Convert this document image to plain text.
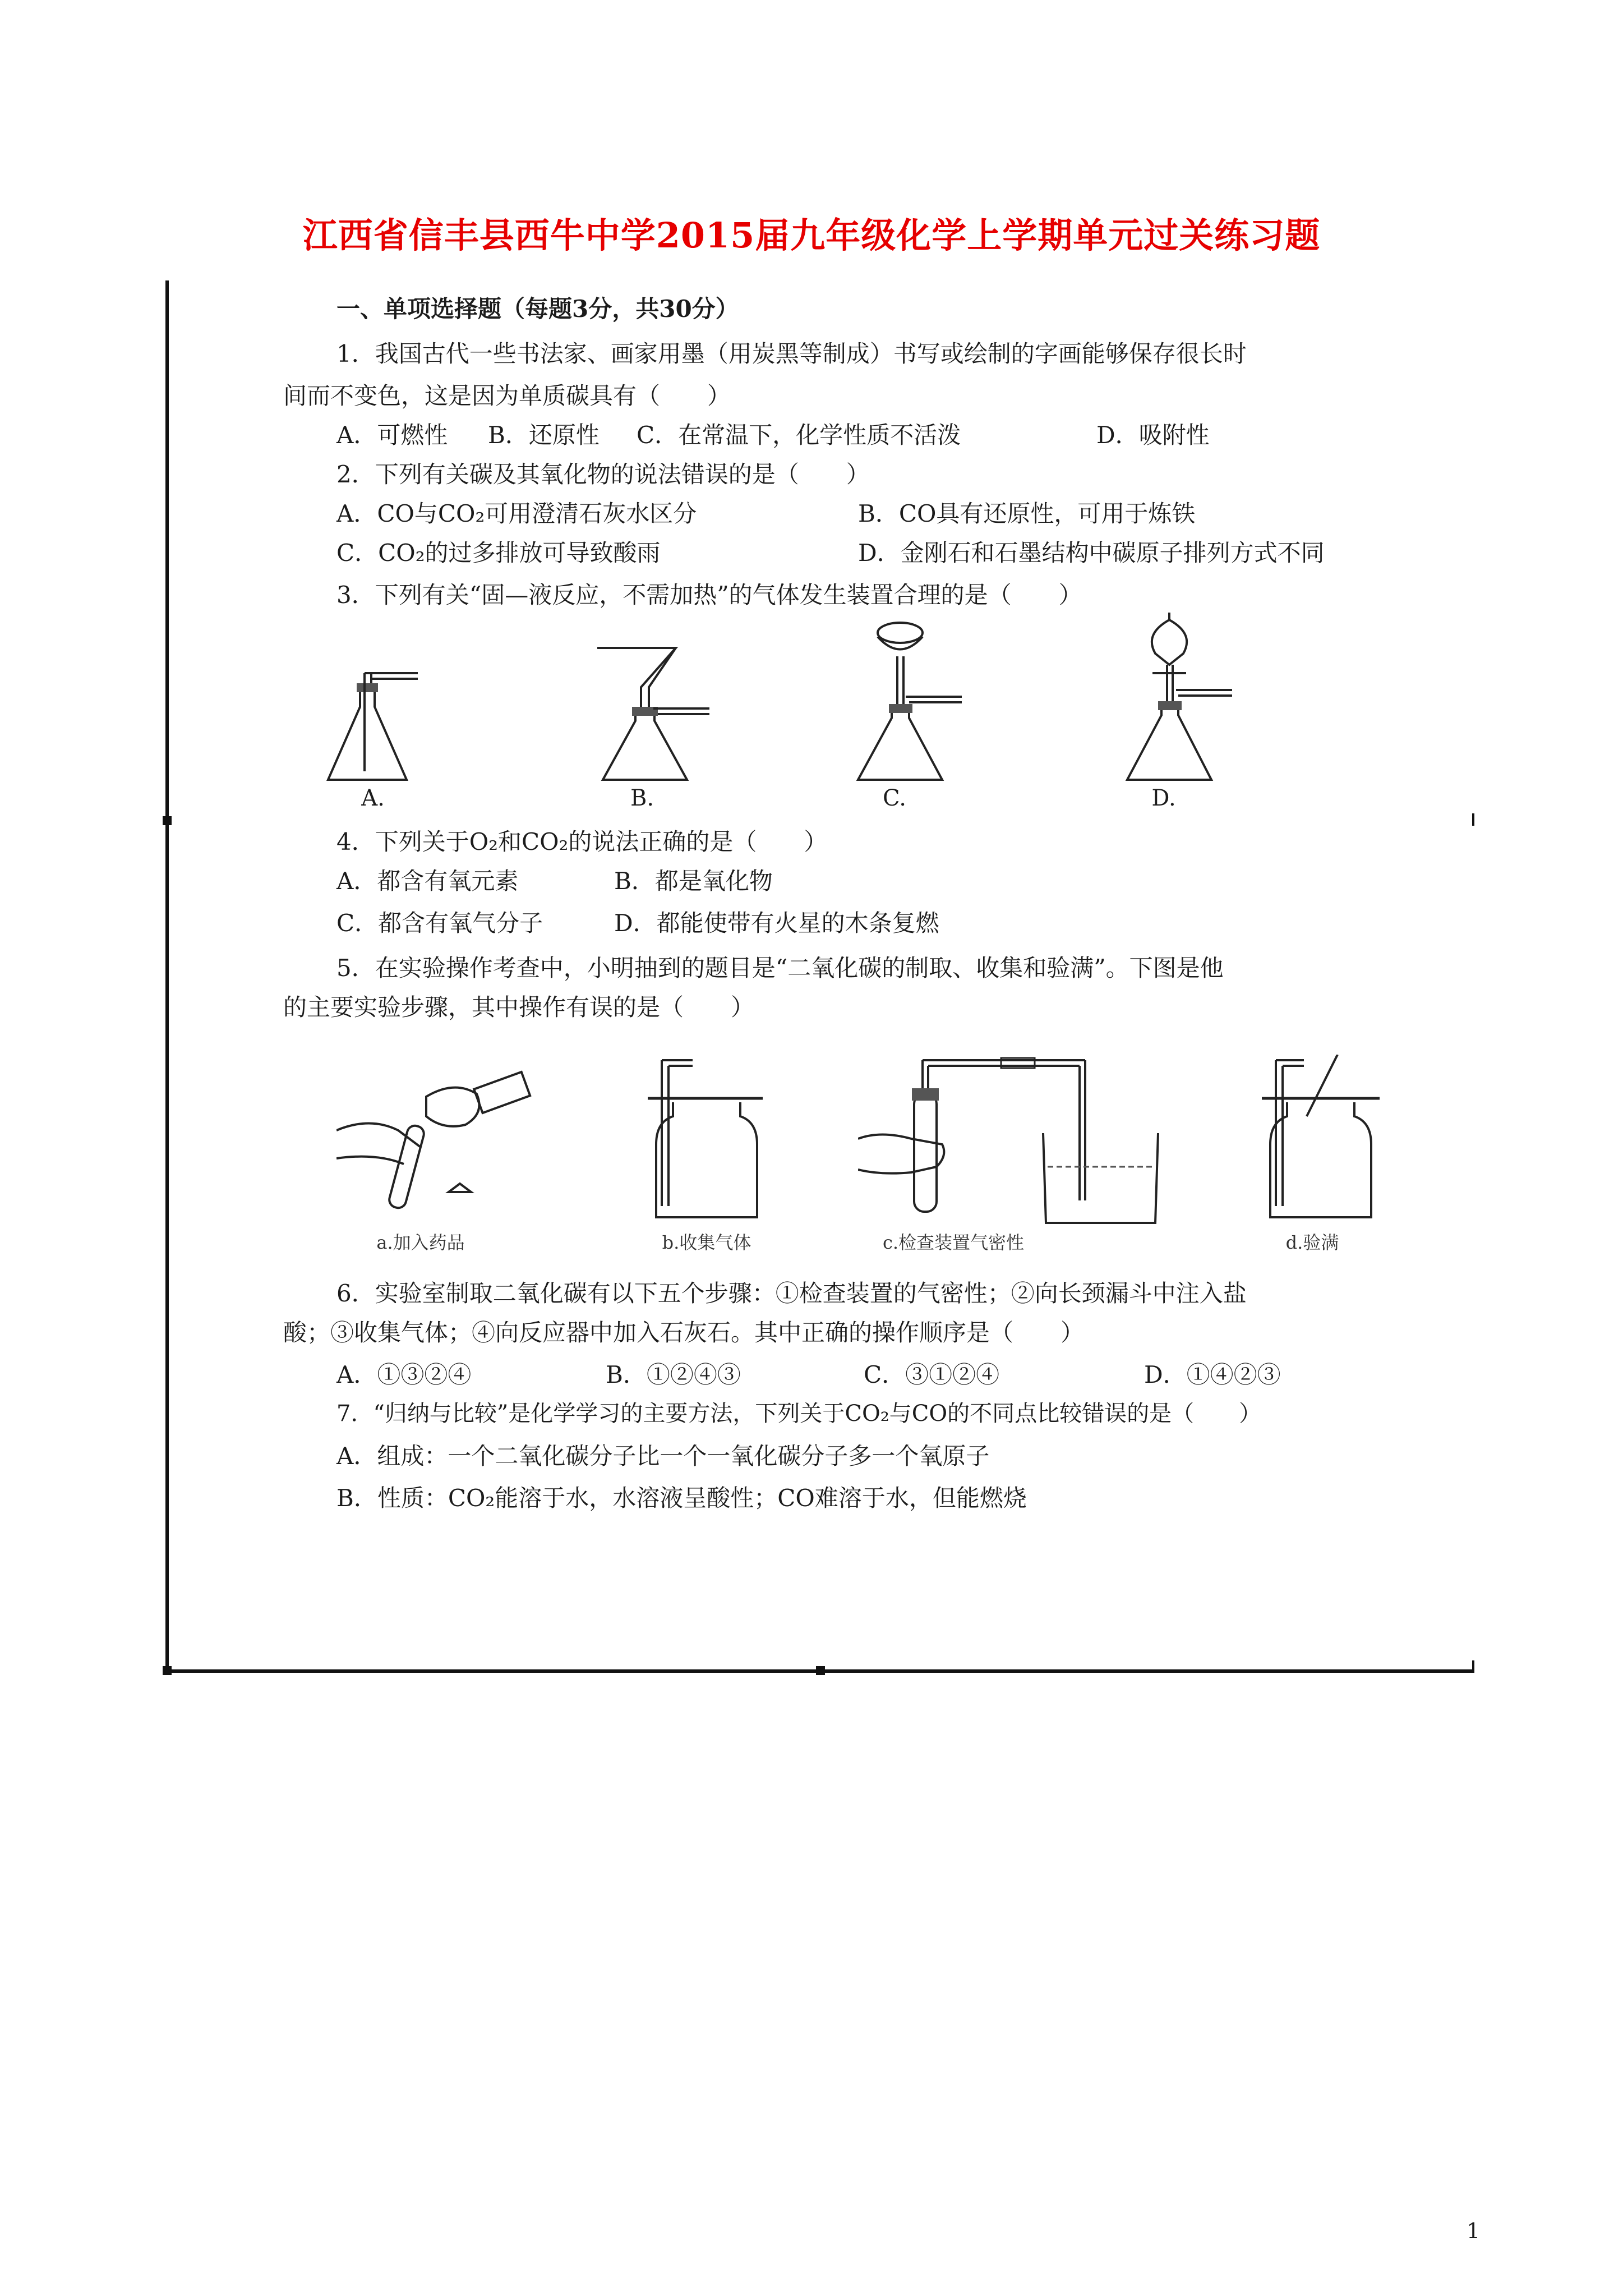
江西省信丰县西牛中学2015届九年级化学上学期单元过关练习题
一、单项选择题（每题3分，共30分）
1．我国古代一些书法家、画家用墨（用炭黑等制成）书写或绘制的字画能够保存很长时
间而不变色，这是因为单质碳具有（　　）
A．可燃性 B．还原性 C．在常温下，化学性质不活泼	D．吸附性
2．下列有关碳及其氧化物的说法错误的是（　　）
A．CO与CO₂可用澄清石灰水区分	B．CO具有还原性，可用于炼铁
C．CO₂的过多排放可导致酸雨	D．金刚石和石墨结构中碳原子排列方式不同
3．下列有关“固—液反应，不需加热”的气体发生装置合理的是（　　）
A.	B.	C.	D.
4．下列关于O₂和CO₂的说法正确的是（　　）
A．都含有氧元素	B．都是氧化物
C．都含有氧气分子	D．都能使带有火星的木条复燃
5．在实验操作考查中，小明抽到的题目是“二氧化碳的制取、收集和验满”。下图是他
的主要实验步骤，其中操作有误的是（　　）
a.加入药品	b.收集气体	c.检查装置气密性	d.验满
6．实验室制取二氧化碳有以下五个步骤：①检查装置的气密性；②向长颈漏斗中注入盐
酸；③收集气体；④向反应器中加入石灰石。其中正确的操作顺序是（　　）
A．①③②④	B．①②④③	C．③①②④	D．①④②③
7．“归纳与比较”是化学学习的主要方法，下列关于CO₂与CO的不同点比较错误的是（　　）
A．组成：一个二氧化碳分子比一个一氧化碳分子多一个氧原子
B．性质：CO₂能溶于水，水溶液呈酸性；CO难溶于水，但能燃烧
1
